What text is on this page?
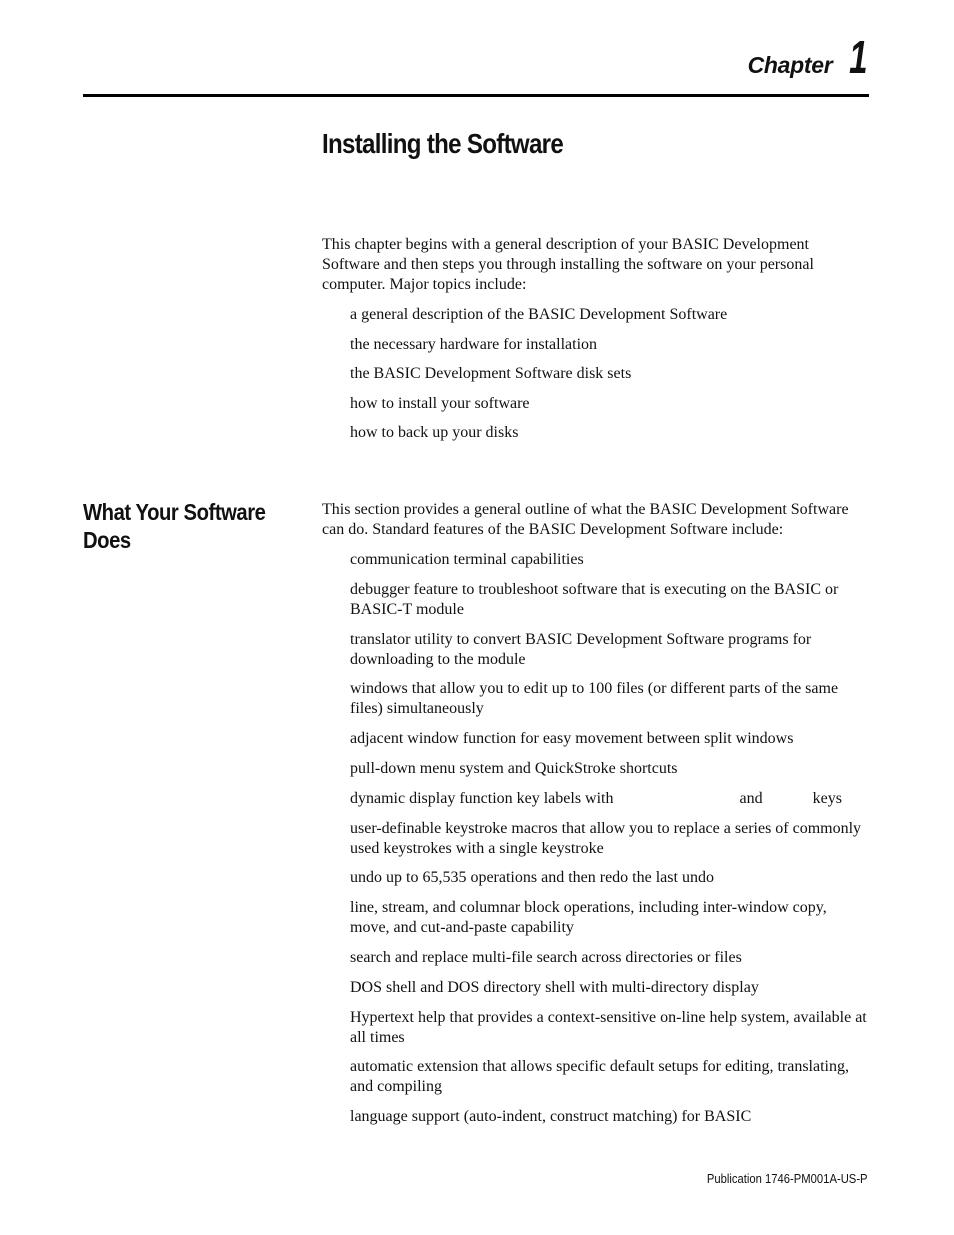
Chapter 1
Installing the Software

This chapter begins with a general description of your BASIC Development Software and then steps you through installing the software on your personal computer. Major topics include:

a general description of the BASIC Development Software
the necessary hardware for installation
the BASIC Development Software disk sets
how to install your software
how to back up your disks
What Your Software Does

This section provides a general outline of what the BASIC Development Software can do. Standard features of the BASIC Development Software include:

communication terminal capabilities
debugger feature to troubleshoot software that is executing on the BASIC or BASIC-T module
translator utility to convert BASIC Development Software programs for downloading to the module
windows that allow you to edit up to 100 files (or different parts of the same files) simultaneously
adjacent window function for easy movement between split windows
pull-down menu system and QuickStroke shortcuts
dynamic display function key labels with	and	keys
user-definable keystroke macros that allow you to replace a series of commonly used keystrokes with a single keystroke
undo up to 65,535 operations and then redo the last undo
line, stream, and columnar block operations, including inter-window copy, move, and cut-and-paste capability
search and replace multi-file search across directories or files
DOS shell and DOS directory shell with multi-directory display
Hypertext help that provides a context-sensitive on-line help system, available at all times
automatic extension that allows specific default setups for editing, translating, and compiling
language support (auto-indent, construct matching) for BASIC
Publication 1746-PM001A-US-P
